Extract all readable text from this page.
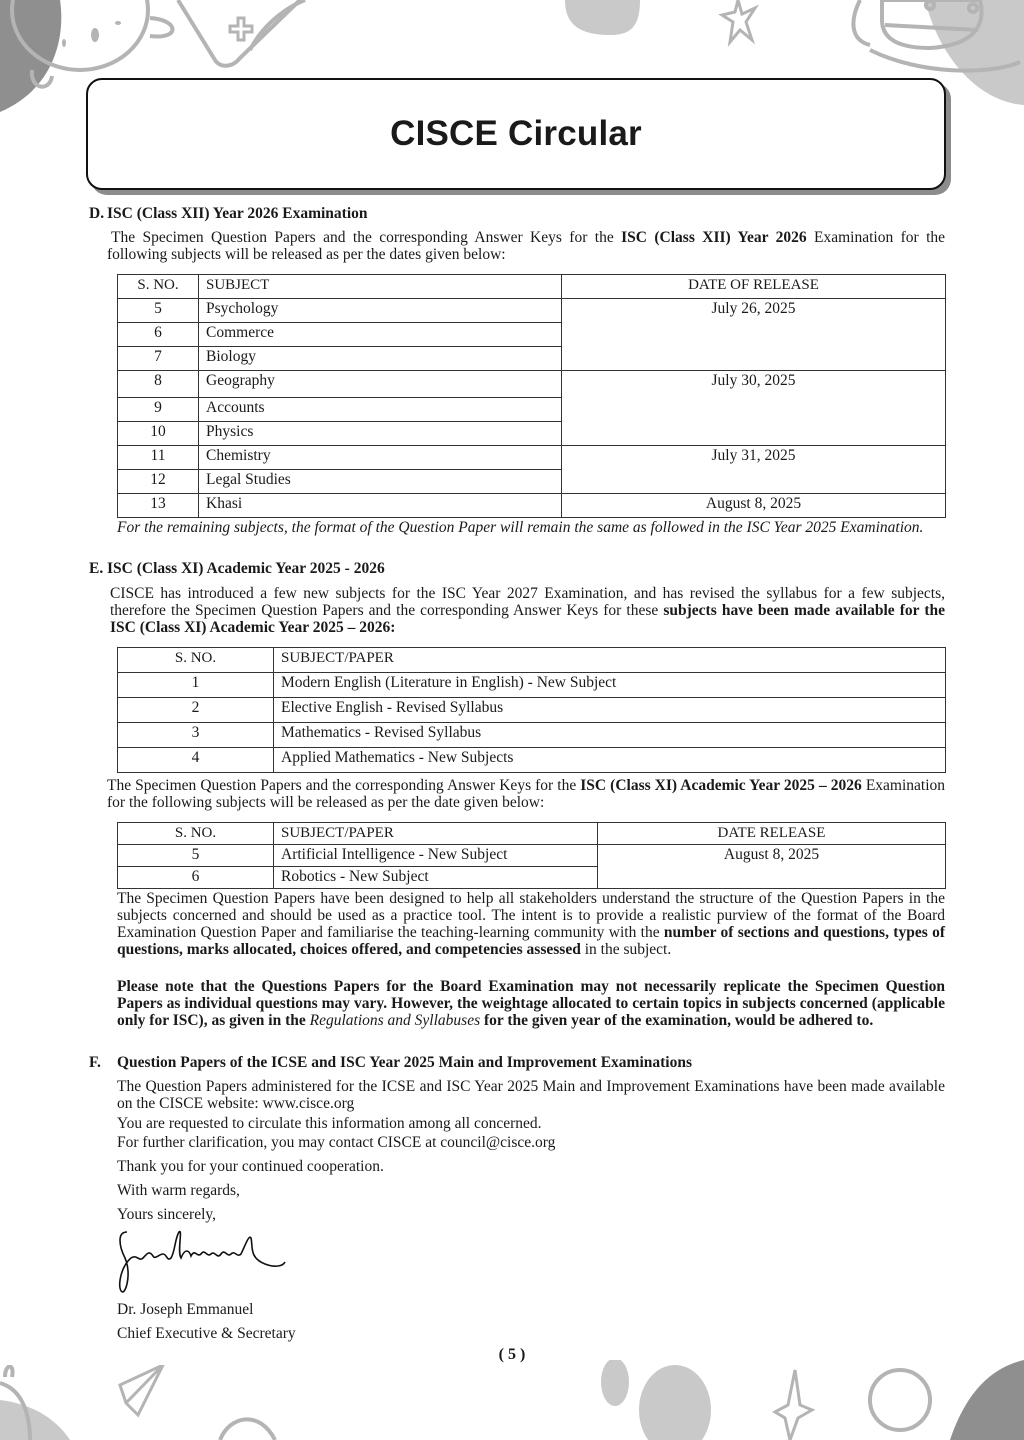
CISCE Circular
D. ISC (Class XII) Year 2026 Examination
The Specimen Question Papers and the corresponding Answer Keys for the ISC (Class XII) Year 2026 Examination for the following subjects will be released as per the dates given below:
S. NO.	SUBJECT	DATE OF RELEASE
5	Psychology	July 26, 2025
6	Commerce	
7	Biology	
8	Geography	July 30, 2025
9	Accounts	
10	Physics	
11	Chemistry	July 31, 2025
12	Legal Studies	
13	Khasi	August 8, 2025
For the remaining subjects, the format of the Question Paper will remain the same as followed in the ISC Year 2025 Examination.
E. ISC (Class XI) Academic Year 2025 - 2026
CISCE has introduced a few new subjects for the ISC Year 2027 Examination, and has revised the syllabus for a few subjects, therefore the Specimen Question Papers and the corresponding Answer Keys for these subjects have been made available for the ISC (Class XI) Academic Year 2025 – 2026:
S. NO.	SUBJECT/PAPER
1	Modern English (Literature in English) - New Subject
2	Elective English - Revised Syllabus
3	Mathematics - Revised Syllabus
4	Applied Mathematics - New Subjects
The Specimen Question Papers and the corresponding Answer Keys for the ISC (Class XI) Academic Year 2025 – 2026 Examination for the following subjects will be released as per the date given below:
S. NO.	SUBJECT/PAPER	DATE RELEASE
5	Artificial Intelligence - New Subject	August 8, 2025
6	Robotics - New Subject	
The Specimen Question Papers have been designed to help all stakeholders understand the structure of the Question Papers in the subjects concerned and should be used as a practice tool. The intent is to provide a realistic purview of the format of the Board Examination Question Paper and familiarise the teaching-learning community with the number of sections and questions, types of questions, marks allocated, choices offered, and competencies assessed in the subject.
Please note that the Questions Papers for the Board Examination may not necessarily replicate the Specimen Question Papers as individual questions may vary. However, the weightage allocated to certain topics in subjects concerned (applicable only for ISC), as given in the Regulations and Syllabuses for the given year of the examination, would be adhered to.
F. Question Papers of the ICSE and ISC Year 2025 Main and Improvement Examinations
The Question Papers administered for the ICSE and ISC Year 2025 Main and Improvement Examinations have been made available on the CISCE website: www.cisce.org
You are requested to circulate this information among all concerned.
For further clarification, you may contact CISCE at council@cisce.org
Thank you for your continued cooperation.
With warm regards,
Yours sincerely,
Dr. Joseph Emmanuel
Chief Executive & Secretary
( 5 )
